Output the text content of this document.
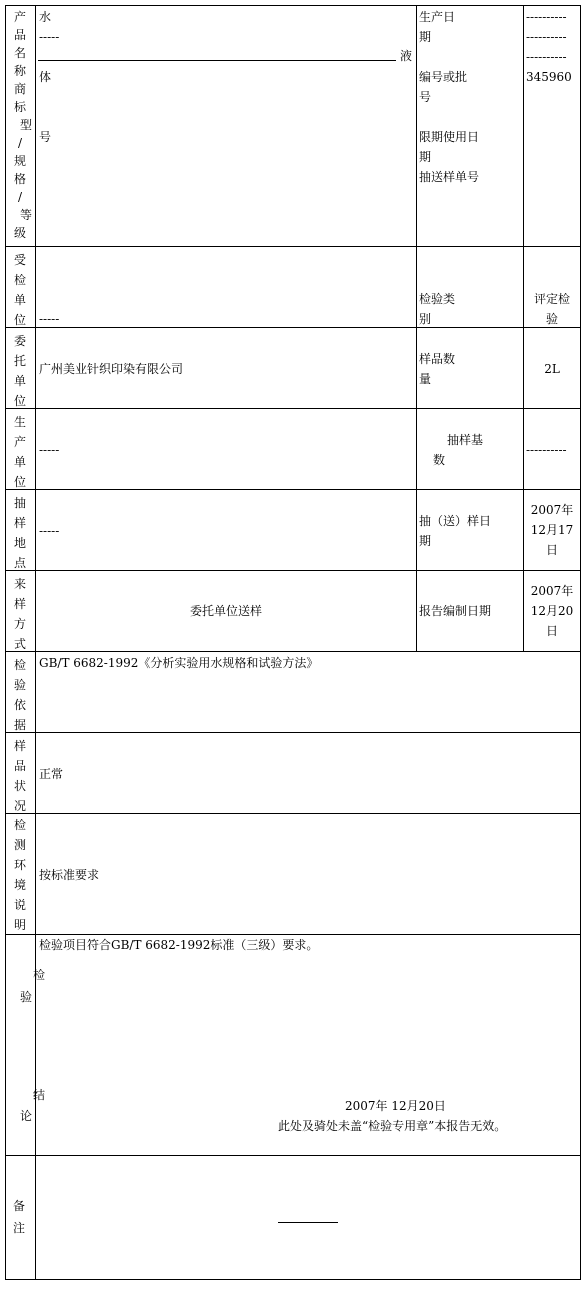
产
品
名
称
商
标
型
/
规
格
/
等
级
水
-----
液
体
号
生产日
期
----------
----------
----------
编号或批
号
345960
限期使用日
期
抽送样单号
受
检
单
位	-----
检验类
别
评定检
验
委
托
单
位
广州美业针织印染有限公司
样品数
量
2L
生
产
单
位
-----
抽样基
数
----------
抽
样
地
点
-----
抽（送）样日
期
2007年
12月17
日
来
样
方
式
委托单位送样	报告编制日期
2007年
12月20
日
检
验
依
据
GB/T 6682-1992《分析实验用水规格和试验方法》
样
品
状
况
正常
检
测
环
境
说
明
按标准要求
检
验
结
论
检验项目符合GB/T 6682-1992标准（三级）要求。
2007年 12月20日
此处及骑处未盖“检验专用章”本报告无效。
备
注
